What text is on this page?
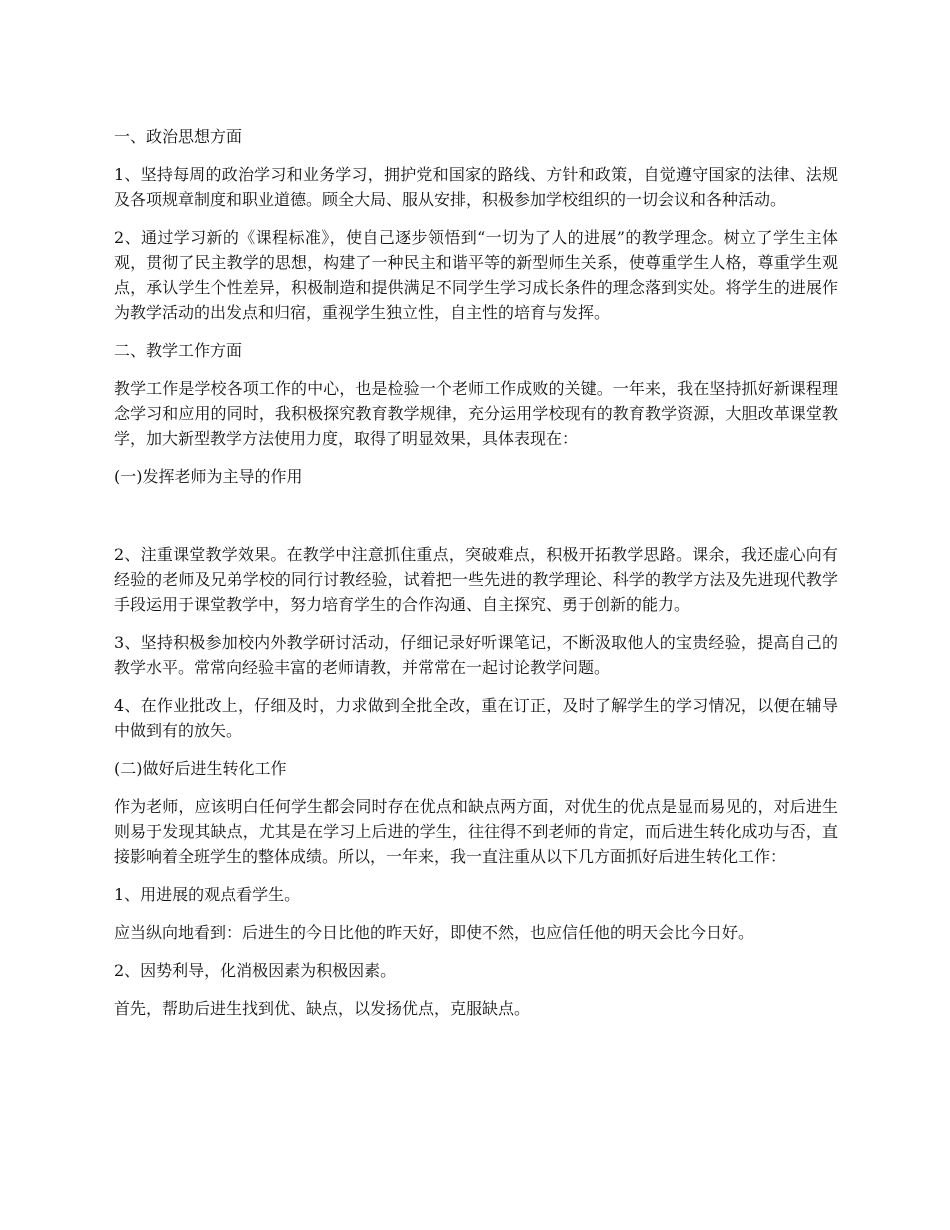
一、政治思想方面

1、坚持每周的政治学习和业务学习，拥护党和国家的路线、方针和政策，自觉遵守国家的法律、法规及各项规章制度和职业道德。顾全大局、服从安排，积极参加学校组织的一切会议和各种活动。

2、通过学习新的《课程标准》，使自己逐步领悟到“一切为了人的进展”的教学理念。树立了学生主体观，贯彻了民主教学的思想，构建了一种民主和谐平等的新型师生关系，使尊重学生人格，尊重学生观点，承认学生个性差异，积极制造和提供满足不同学生学习成长条件的理念落到实处。将学生的进展作为教学活动的出发点和归宿，重视学生独立性，自主性的培育与发挥。

二、教学工作方面

教学工作是学校各项工作的中心，也是检验一个老师工作成败的关键。一年来，我在坚持抓好新课程理念学习和应用的同时，我积极探究教育教学规律，充分运用学校现有的教育教学资源，大胆改革课堂教学，加大新型教学方法使用力度，取得了明显效果，具体表现在：

(一)发挥老师为主导的作用

2、注重课堂教学效果。在教学中注意抓住重点，突破难点，积极开拓教学思路。课余，我还虚心向有经验的老师及兄弟学校的同行讨教经验，试着把一些先进的教学理论、科学的教学方法及先进现代教学手段运用于课堂教学中，努力培育学生的合作沟通、自主探究、勇于创新的能力。

3、坚持积极参加校内外教学研讨活动，仔细记录好听课笔记，不断汲取他人的宝贵经验，提高自己的教学水平。常常向经验丰富的老师请教，并常常在一起讨论教学问题。

4、在作业批改上，仔细及时，力求做到全批全改，重在订正，及时了解学生的学习情况，以便在辅导中做到有的放矢。

(二)做好后进生转化工作

作为老师，应该明白任何学生都会同时存在优点和缺点两方面，对优生的优点是显而易见的，对后进生则易于发现其缺点，尤其是在学习上后进的学生，往往得不到老师的肯定，而后进生转化成功与否，直接影响着全班学生的整体成绩。所以，一年来，我一直注重从以下几方面抓好后进生转化工作：

1、用进展的观点看学生。

应当纵向地看到：后进生的今日比他的昨天好，即使不然，也应信任他的明天会比今日好。

2、因势利导，化消极因素为积极因素。

首先，帮助后进生找到优、缺点，以发扬优点，克服缺点。
